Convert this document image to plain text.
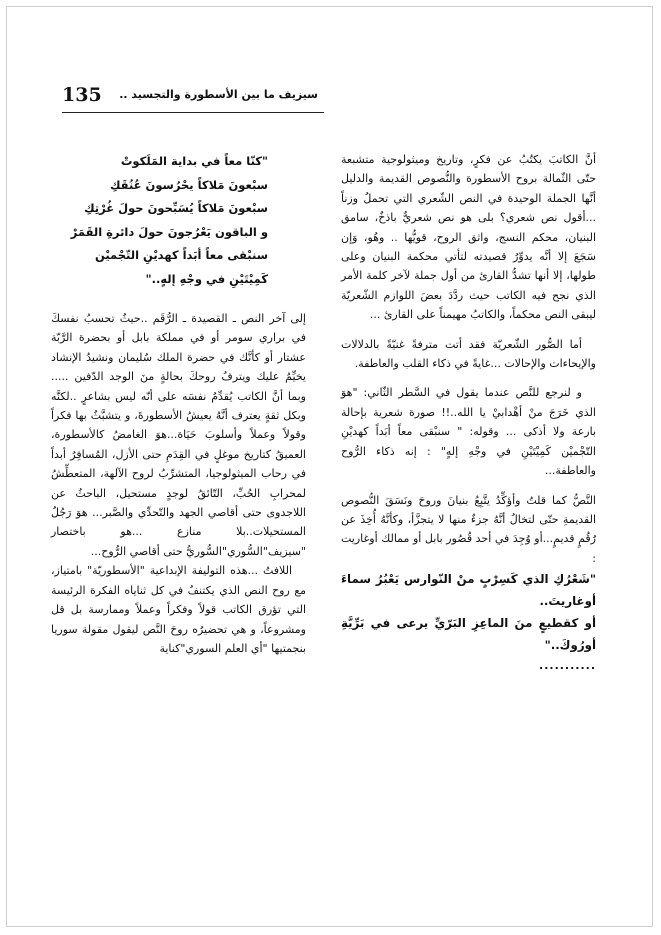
135 سيزيف ما بين الأسطورة والتجسيد ..

أنَّ الكاتبَ يكتُبُ عن فكرٍ، وتاريخ وميثولوجية متشبعة حتّى الثّمالة بروح الأسطورة والنُّصوص القديمة والدليل أنَّها الجملة الوحيدة في النص الشّعري التي تحملُ وزناً ...أقول نص شعري؟ بلى هو نص شعريٌّ باذخٌ، سامق البنيان، محكم النسج، واثق الروح، قويُّها .. وهُو، وَإن سَجَعَ إلا أنَّه يدوِّرُ قصيدته لتأتي محكمة البنيان وعلى طولها، إلا أنها تشدُّ القارئ من أول جملة لآخر كلمة الأمر الذي نجح فيه الكاتب حيث ردَّدَ بعضَ اللوازم الشّعريّة ليبقى النص محكماً، والكاتبُ مهيمناً على القارئ ...

أما الصُّور الشّعريّة فقد أتت مترفةً غنيّةً بالدلالات والإيحاءات والإحالات ...غايةً في ذكاء القلب والعاطفة.

و لنرجع للنَّص عندما يقول في السَّطر الثّاني: "هوَ الذي خَرَجَ منْ أهْدابيْ يا الله..!! صورة شعرية بإحالة بارعة ولا أذكى ... وقوله: " سنبْقى معاً أبَداً كهديْنِ التّجْميْن كَمِيْتَيْنِ في وجْهِ إلهٍ" : إنه ذكاء الرُّوح والعاطفة...

النَّصُّ كما قلتُ وأؤكِّدُ يتَّبِعُ بنيانَ وروحَ ونَسَقَ النُّصوص القديمةِ حتّى لتخالُ أنَّهُ جزءٌ منها لا يتجزَّأ، وكأنَّهُ أُخِذَ عن رُقُمٍ قديمٍ...أو وُجِدَ في أحد قُصُور بابل أو ممالك أوغاريت :

"شَعْرُكِ الذي كَسِرْبٍ منْ النّوارس يَعْبُرُ سماءَ أوغاريتَ..

أو كقطيعٍ منَ الماعِزِ البَرّيِّ يرعى في بَرِّيَّةِ أورُوكَ.."

...........

"كنّا معاً في بداية المَلَكوتْ
سبْعونَ مَلاكاً يحْرُسونَ عُنُقَكِ
سبْعونَ مَلاكاً يُسَبِّحونَ حولَ غُرْتِكِ
و الباقون يَعْرُجونَ حولَ دائرةِ القَمَرْ
سنبْقى معاً أبَداً كهديْنِ التّجْميْن
كَمِيْتَيْنِ في وجْهِ إلهٍ.."

إلى آخر النص ـ القصيدة ـ الرُّقَم ..حيثُ تحسبُ نفسكَ في براري سومر أو في مملكة بابل أو بحضرة الرَّبّة عشتار أو كأنَّك في حضرة الملك سُليمان ونشيدُ الإنشاد يخيِّمُ عليك ويترفُ روحكَ بحالةٍ منَ الوجد الدّفين ..... وبما أنَّ الكاتب يُقدِّمُ نفسَه على أنّه ليس بشاعرٍ ..لكنَّه وبكل ثقةٍ يعترف أنَّهُ يعيشُ الأسطورةَ، و يتشبَّثُ بها فكراً وقولاً وعملاً وأسلوبَ حَيَاة...هوَ الغامضُ كالأسطورة، العميقُ كتاريخ موغلٍ في القِدَمِ حتى الأزل، المُسافِرُ أبداً في رحاب الميثولوجيا، المتشرِّبُ لروح الآلهة، المتعطِّشُ لمحرابِ الحُبِّ، التّائقُ لوجدٍ مستحيل، الباحثُ عن اللاجدوى حتى أقاصي الجهد والتّحدِّي والصَّبر... هوَ رَجُلُ المستحيلات..بلا منازع ...هو باختصار "سيزيف"السُّوري"السُّوريُّ حتى أقاصي الرُّوح...

اللافتُ ...هذه التوليفة الإبداعية "الأسطوريّة" بامتياز، مع روح النص الذي يكتنفُ في كل ثناياه الفكرة الرئيسة التي تؤرق الكاتب قولاً وفكراً وعملاً وممارسة بل قل ومشروعاً، و هي تحضيرُه روحَ النَّص ليقول مقولة سوريا بنجمتيها "أي العلم السوري"كناية
